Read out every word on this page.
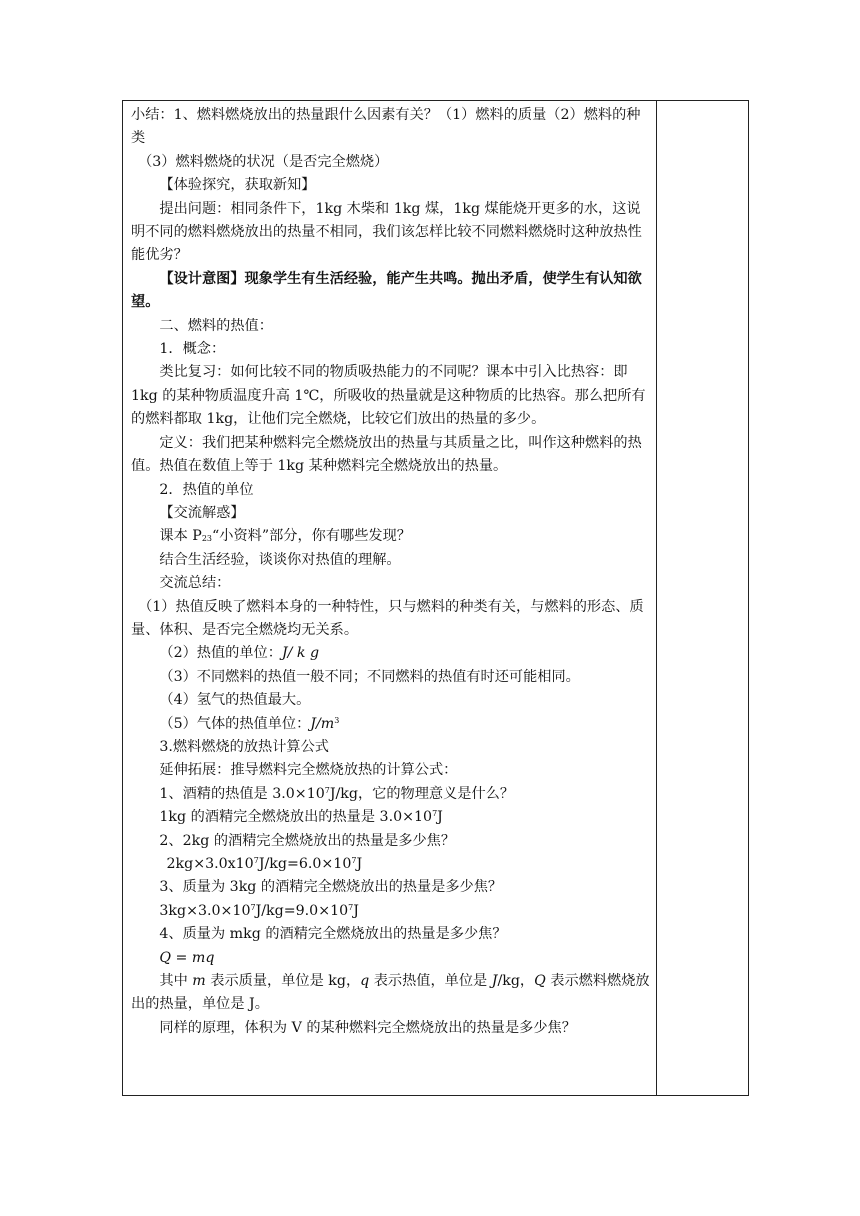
小结：1、燃料燃烧放出的热量跟什么因素有关？（1）燃料的质量（2）燃料的种类

（3）燃料燃烧的状况（是否完全燃烧）

【体验探究，获取新知】

提出问题：相同条件下，1kg 木柴和 1kg 煤，1kg 煤能烧开更多的水，这说明不同的燃料燃烧放出的热量不相同，我们该怎样比较不同燃料燃烧时这种放热性能优劣？

【设计意图】现象学生有生活经验，能产生共鸣。抛出矛盾，使学生有认知欲望。

二、燃料的热值：

1．概念：

类比复习：如何比较不同的物质吸热能力的不同呢？课本中引入比热容：即 1kg 的某种物质温度升高 1℃，所吸收的热量就是这种物质的比热容。那么把所有的燃料都取 1kg，让他们完全燃烧，比较它们放出的热量的多少。

定义：我们把某种燃料完全燃烧放出的热量与其质量之比，叫作这种燃料的热值。热值在数值上等于 1kg 某种燃料完全燃烧放出的热量。

2．热值的单位

【交流解惑】

课本 $P_{23}“$小资料”部分，你有哪些发现？

结合生活经验，谈谈你对热值的理解。

交流总结：

（1）热值反映了燃料本身的一种特性，只与燃料的种类有关，与燃料的形态、质量、体积、是否完全燃烧均无关系。

（2）热值的单位：J/ k g

（3）不同燃料的热值一般不同；不同燃料的热值有时还可能相同。

（4）氢气的热值最大。

（5）气体的热值单位：$J/m^3$

3.燃料燃烧的放热计算公式

延伸拓展：推导燃料完全燃烧放热的计算公式：

1、酒精的热值是 $3.0\times 10^7J/kg$，它的物理意义是什么？

1kg 的酒精完全燃烧放出的热量是 $3.0\times 10^7J$

2、2kg 的酒精完全燃烧放出的热量是多少焦？

$2kg\times 3.0x10^7J/kg=6.0\times 10^7J$

3、质量为 3kg 的酒精完全燃烧放出的热量是多少焦？

$3kg\times 3.0\times 10^7J/kg=9.0\times 10^7J$

4、质量为 mkg 的酒精完全燃烧放出的热量是多少焦？

Q = mq

其中 m 表示质量，单位是 kg，q 表示热值，单位是 J/kg，Q 表示燃料燃烧放出的热量，单位是 J。

同样的原理，体积为 V 的某种燃料完全燃烧放出的热量是多少焦？
